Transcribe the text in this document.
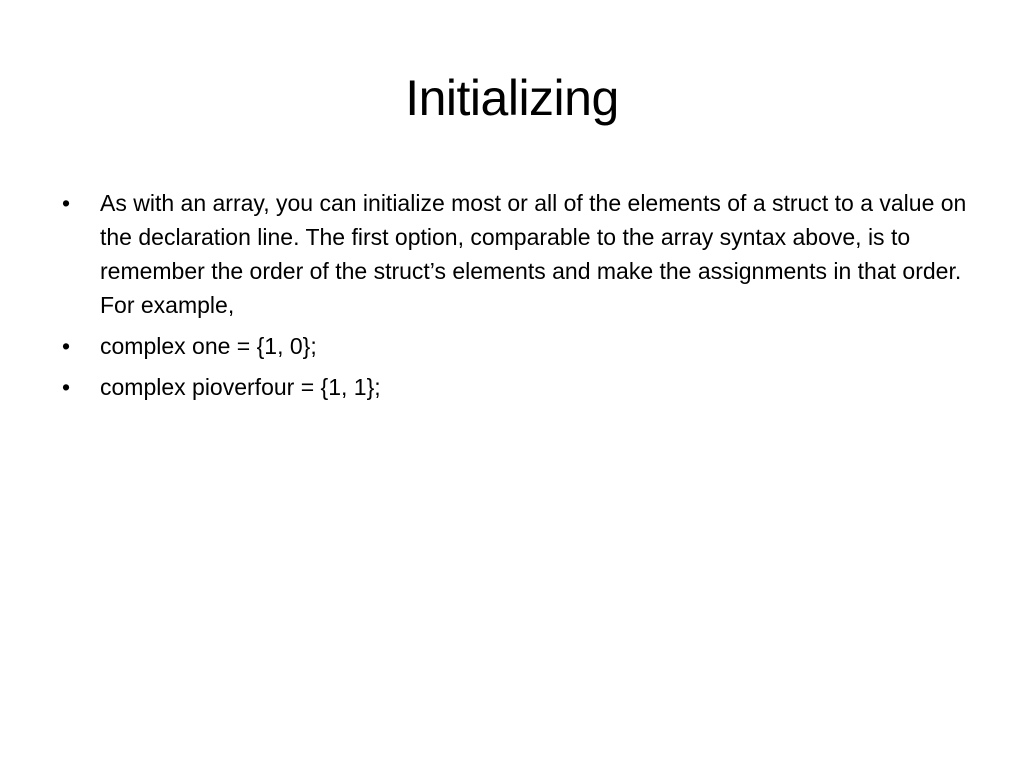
Initializing
•	As with an array, you can initialize most or all of the elements of a struct to a value on the declaration line. The first option, comparable to the array syntax above, is to remember the order of the struct’s elements and make the assignments in that order. For example,
•	complex one = {1, 0};
•	complex pioverfour = {1, 1};
